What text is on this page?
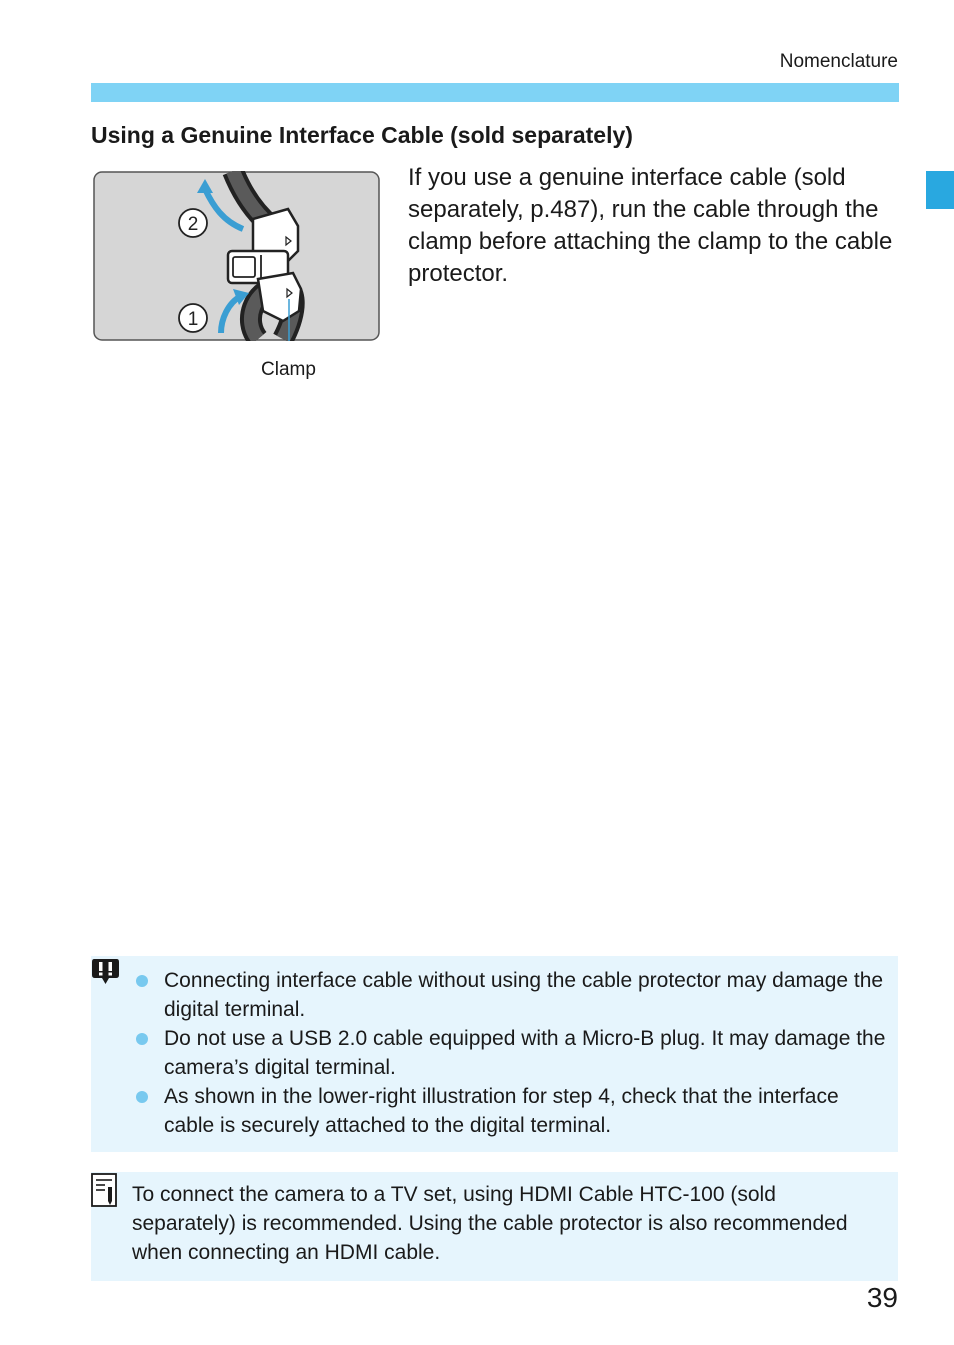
Nomenclature
Using a Genuine Interface Cable (sold separately)
2
1
Clamp

If you use a genuine interface cable (sold separately, p.487), run the cable through the clamp before attaching the clamp to the cable protector.

Connecting interface cable without using the cable protector may damage the digital terminal.
Do not use a USB 2.0 cable equipped with a Micro-B plug. It may damage the camera’s digital terminal.
As shown in the lower-right illustration for step 4, check that the interface cable is securely attached to the digital terminal.

To connect the camera to a TV set, using HDMI Cable HTC-100 (sold separately) is recommended. Using the cable protector is also recommended when connecting an HDMI cable.

39
